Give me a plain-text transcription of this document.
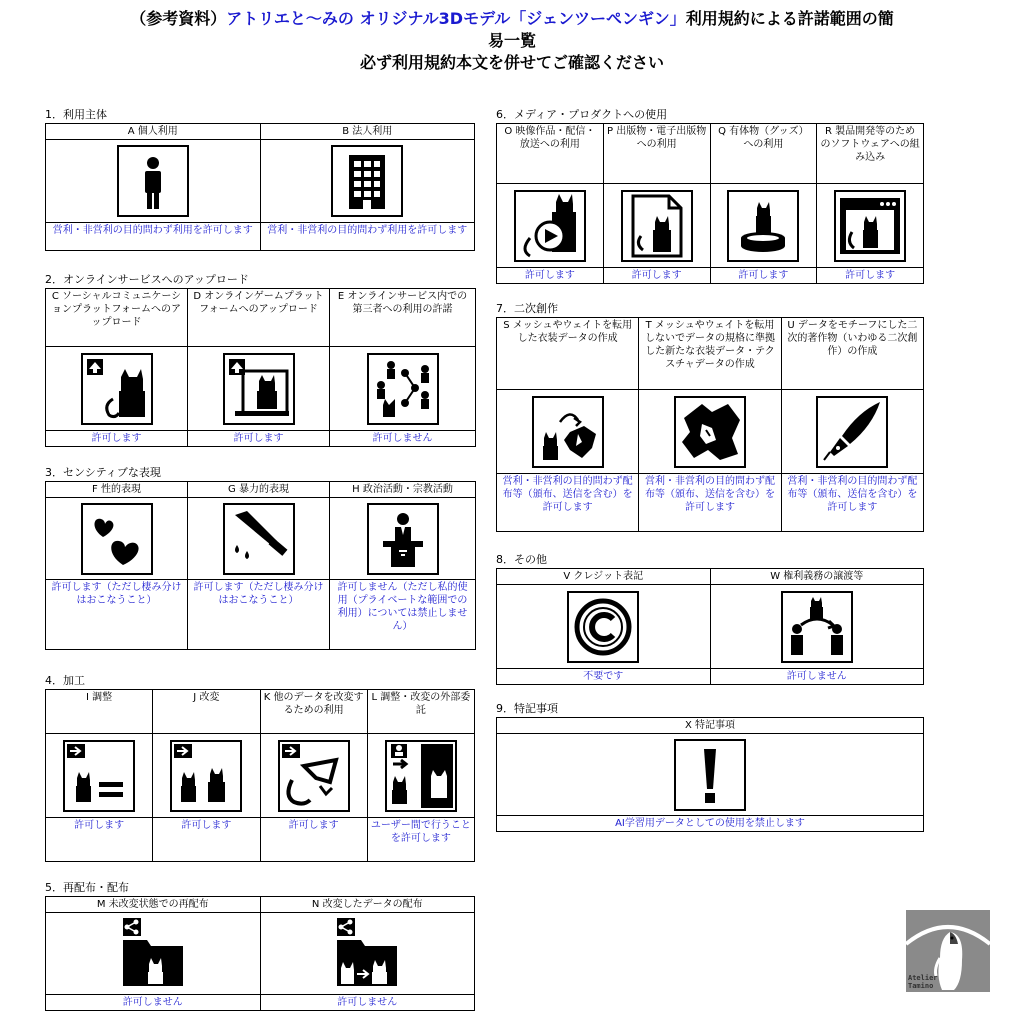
（参考資料）アトリエと〜みの オリジナル3Dモデル「ジェンツーペンギン」利用規約による許諾範囲の簡
易一覧
必ず利用規約本文を併せてご確認ください
1．利用主体
A 個人利用	B 法人利用

営利・非営利の目的問わず利用を許可します	営利・非営利の目的問わず利用を許可します
2．オンラインサービスへのアップロード
C ソーシャルコミュニケーションプラットフォームへのアップロード	D オンラインゲームプラットフォームへのアップロード	E オンラインサービス内での第三者への利用の許諾

許可します	許可します	許可しません
3．センシティブな表現
F 性的表現	G 暴力的表現	H 政治活動・宗教活動

許可します（ただし棲み分けはおこなうこと）	許可します（ただし棲み分けはおこなうこと）	許可しません（ただし私的使用（プライベートな範囲での利用）については禁止しません）
4．加工
I 調整	J 改変	K 他のデータを改変するための利用	L 調整・改変の外部委託

許可します	許可します	許可します	ユーザー間で行うことを許可します
5．再配布・配布
M 未改変状態での再配布	N 改変したデータの配布

許可しません	許可しません
6．メディア・プロダクトへの使用
O 映像作品・配信・放送への利用	P 出版物・電子出版物への利用	Q 有体物（グッズ）への利用	R 製品開発等のためのソフトウェアへの組み込み

許可します	許可します	許可します	許可します
7．二次創作
S メッシュやウェイトを転用した衣装データの作成	T メッシュやウェイトを転用しないでデータの規格に準拠した新たな衣装データ・テクスチャデータの作成	U データをモチーフにした二次的著作物（いわゆる二次創作）の作成

営利・非営利の目的問わず配布等（頒布、送信を含む）を許可します	営利・非営利の目的問わず配布等（頒布、送信を含む）を許可します	営利・非営利の目的問わず配布等（頒布、送信を含む）を許可します
8．その他
V クレジット表記	W 権利義務の譲渡等

不要です	許可しません
9．特記事項
X 特記事項

AI学習用データとしての使用を禁止します
Atelier
Tamino
